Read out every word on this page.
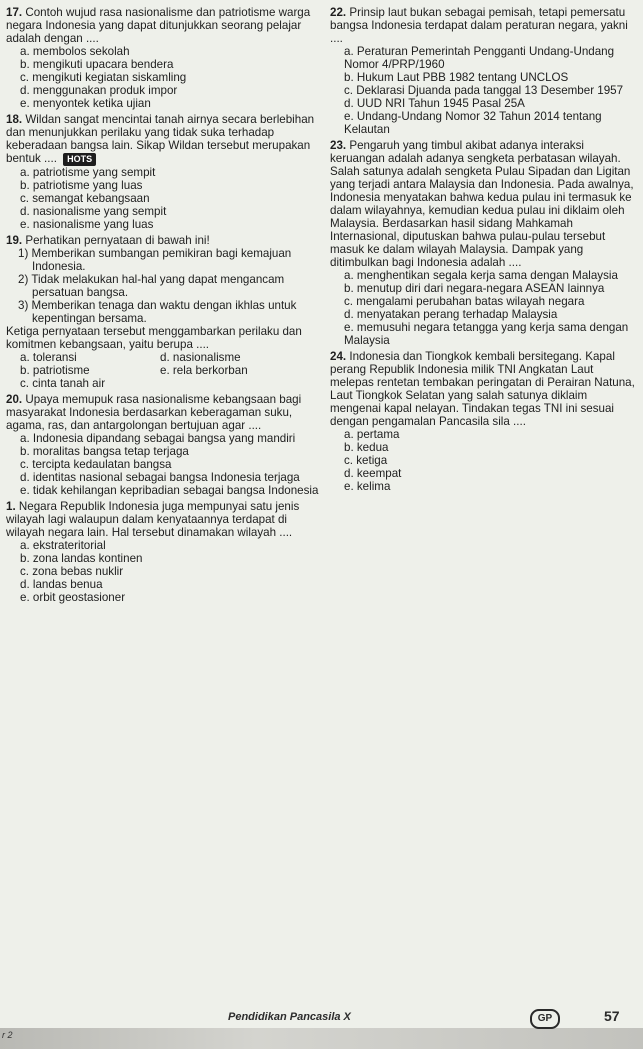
17. Contoh wujud rasa nasionalisme dan patriotisme warga negara Indonesia yang dapat ditunjukkan seorang pelajar adalah dengan ....
a. membolos sekolah
b. mengikuti upacara bendera
c. mengikuti kegiatan siskamling
d. menggunakan produk impor
e. menyontek ketika ujian
18. Wildan sangat mencintai tanah airnya secara berlebihan dan menunjukkan perilaku yang tidak suka terhadap keberadaan bangsa lain. Sikap Wildan tersebut merupakan bentuk .... HOTS
a. patriotisme yang sempit
b. patriotisme yang luas
c. semangat kebangsaan
d. nasionalisme yang sempit
e. nasionalisme yang luas
19. Perhatikan pernyataan di bawah ini!
1) Memberikan sumbangan pemikiran bagi kemajuan Indonesia.
2) Tidak melakukan hal-hal yang dapat mengancam persatuan bangsa.
3) Memberikan tenaga dan waktu dengan ikhlas untuk kepentingan bersama.
Ketiga pernyataan tersebut menggambarkan perilaku dan komitmen kebangsaan, yaitu berupa ....
a. toleransi	d. nasionalisme
b. patriotisme	e. rela berkorban
c. cinta tanah air
20. Upaya memupuk rasa nasionalisme kebangsaan bagi masyarakat Indonesia berdasarkan keberagaman suku, agama, ras, dan antargolongan bertujuan agar ....
a. Indonesia dipandang sebagai bangsa yang mandiri
b. moralitas bangsa tetap terjaga
c. tercipta kedaulatan bangsa
d. identitas nasional sebagai bangsa Indonesia terjaga
e. tidak kehilangan kepribadian sebagai bangsa Indonesia
1. Negara Republik Indonesia juga mempunyai satu jenis wilayah lagi walaupun dalam kenyataannya terdapat di wilayah negara lain. Hal tersebut dinamakan wilayah ....
a. ekstrateritorial
b. zona landas kontinen
c. zona bebas nuklir
d. landas benua
e. orbit geostasioner
22. Prinsip laut bukan sebagai pemisah, tetapi pemersatu bangsa Indonesia terdapat dalam peraturan negara, yakni ....
a. Peraturan Pemerintah Pengganti Undang-Undang Nomor 4/PRP/1960
b. Hukum Laut PBB 1982 tentang UNCLOS
c. Deklarasi Djuanda pada tanggal 13 Desember 1957
d. UUD NRI Tahun 1945 Pasal 25A
e. Undang-Undang Nomor 32 Tahun 2014 tentang Kelautan
23. Pengaruh yang timbul akibat adanya interaksi keruangan adalah adanya sengketa perbatasan wilayah. Salah satunya adalah sengketa Pulau Sipadan dan Ligitan yang terjadi antara Malaysia dan Indonesia. Pada awalnya, Indonesia menyatakan bahwa kedua pulau ini termasuk ke dalam wilayahnya, kemudian kedua pulau ini diklaim oleh Malaysia. Berdasarkan hasil sidang Mahkamah Internasional, diputuskan bahwa pulau-pulau tersebut masuk ke dalam wilayah Malaysia. Dampak yang ditimbulkan bagi Indonesia adalah ....
a. menghentikan segala kerja sama dengan Malaysia
b. menutup diri dari negara-negara ASEAN lainnya
c. mengalami perubahan batas wilayah negara
d. menyatakan perang terhadap Malaysia
e. memusuhi negara tetangga yang kerja sama dengan Malaysia
24. Indonesia dan Tiongkok kembali bersitegang. Kapal perang Republik Indonesia milik TNI Angkatan Laut melepas rentetan tembakan peringatan di Perairan Natuna, Laut Tiongkok Selatan yang salah satunya diklaim mengenai kapal nelayan. Tindakan tegas TNI ini sesuai dengan pengamalan Pancasila sila ....
a. pertama
b. kedua
c. ketiga
d. keempat
e. kelima
r 2
Pendidikan Pancasila X	GP	57
